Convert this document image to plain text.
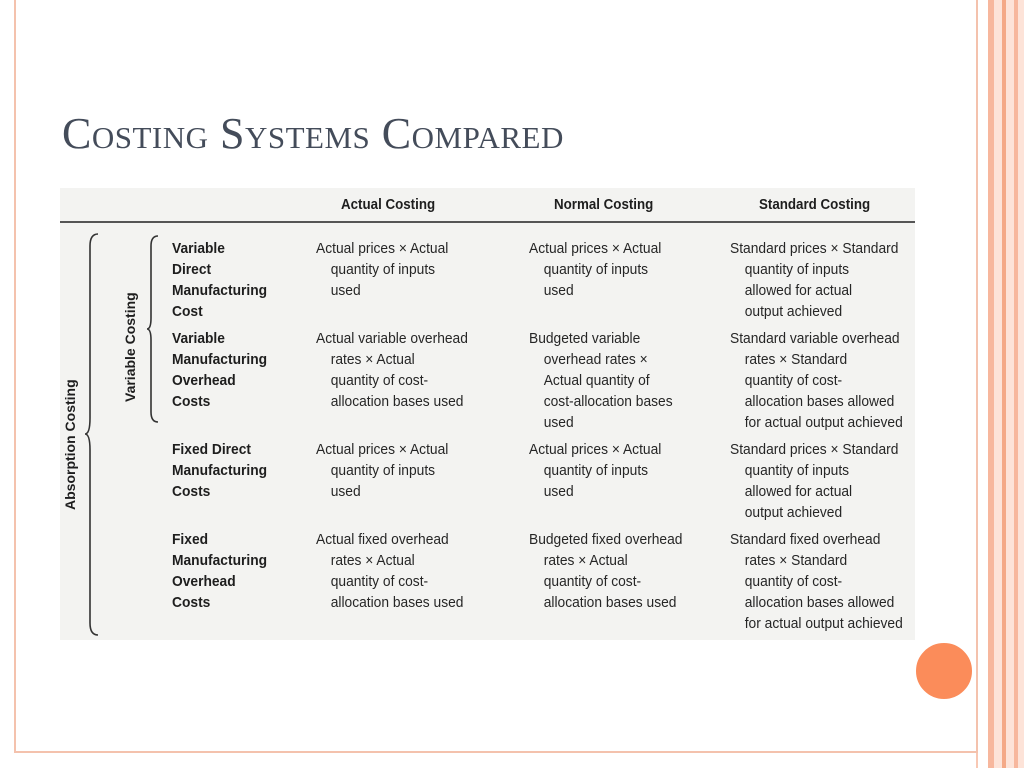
Costing Systems Compared
Actual Costing	Normal Costing	Standard Costing
Absorption Costing
Variable Costing
Variable
Direct
Manufacturing
Cost
Actual prices × Actual
quantity of inputs
used
Actual prices × Actual
quantity of inputs
used
Standard prices × Standard
quantity of inputs
allowed for actual
output achieved
Variable
Manufacturing
Overhead
Costs
Actual variable overhead
rates × Actual
quantity of cost-
allocation bases used
Budgeted variable
overhead rates ×
Actual quantity of
cost-allocation bases
used
Standard variable overhead
rates × Standard
quantity of cost-
allocation bases allowed
for actual output achieved
Fixed Direct
Manufacturing
Costs
Actual prices × Actual
quantity of inputs
used
Actual prices × Actual
quantity of inputs
used
Standard prices × Standard
quantity of inputs
allowed for actual
output achieved
Fixed
Manufacturing
Overhead
Costs
Actual fixed overhead
rates × Actual
quantity of cost-
allocation bases used
Budgeted fixed overhead
rates × Actual
quantity of cost-
allocation bases used
Standard fixed overhead
rates × Standard
quantity of cost-
allocation bases allowed
for actual output achieved
